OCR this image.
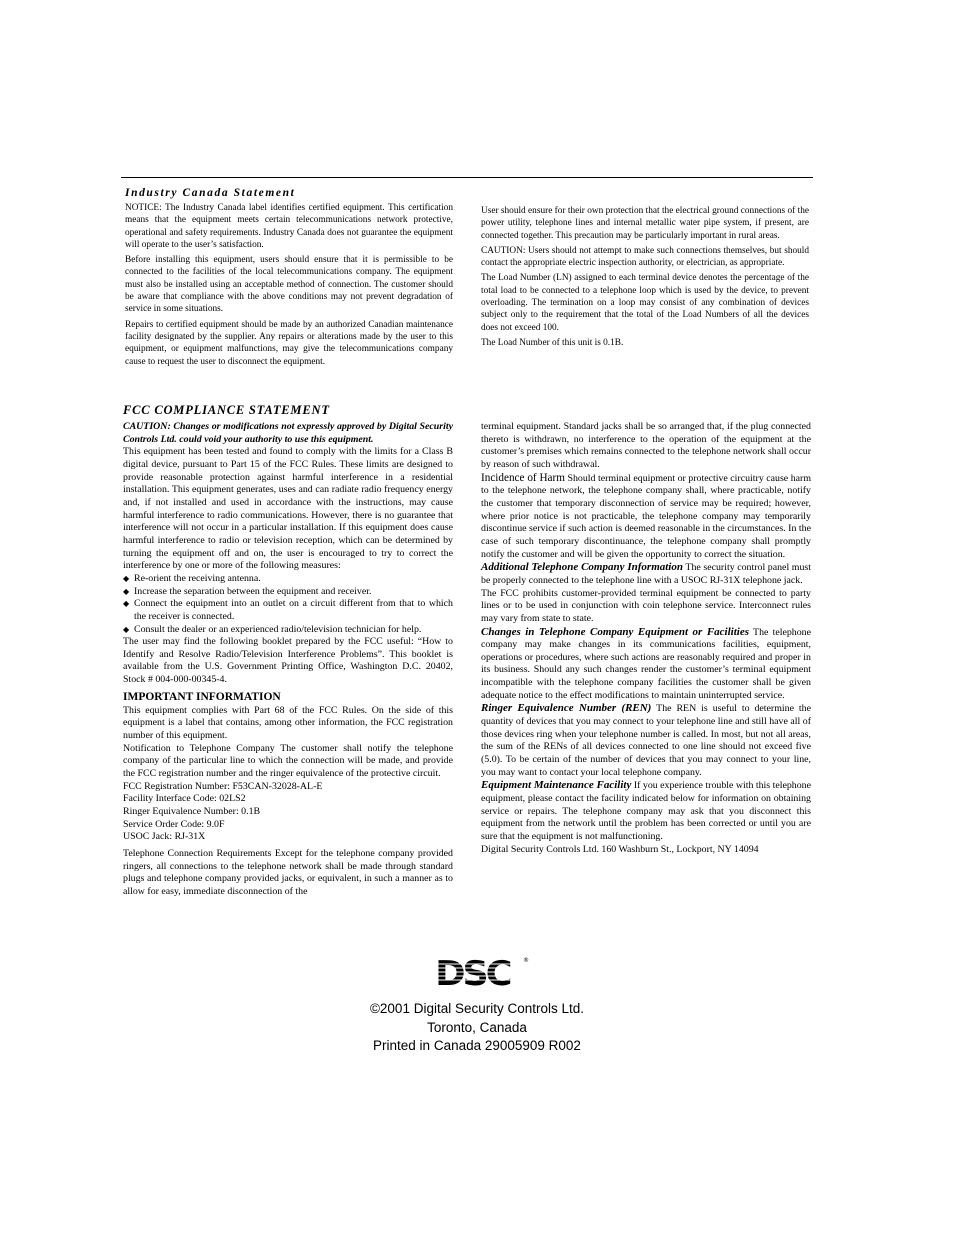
Industry Canada Statement

NOTICE: The Industry Canada label identifies certified equipment. This certification means that the equipment meets certain telecommunications network protective, operational and safety requirements. Industry Canada does not guarantee the equipment will operate to the user’s satisfaction.

Before installing this equipment, users should ensure that it is permissible to be connected to the facilities of the local telecommunications company. The equipment must also be installed using an acceptable method of connection. The customer should be aware that compliance with the above conditions may not prevent degradation of service in some situations.

Repairs to certified equipment should be made by an authorized Canadian maintenance facility designated by the supplier. Any repairs or alterations made by the user to this equipment, or equipment malfunctions, may give the telecommunications company cause to request the user to disconnect the equipment.

User should ensure for their own protection that the electrical ground connections of the power utility, telephone lines and internal metallic water pipe system, if present, are connected together. This precaution may be particularly important in rural areas.

CAUTION: Users should not attempt to make such connections themselves, but should contact the appropriate electric inspection authority, or electrician, as appropriate.

The Load Number (LN) assigned to each terminal device denotes the percentage of the total load to be connected to a telephone loop which is used by the device, to prevent overloading. The termination on a loop may consist of any combination of devices subject only to the requirement that the total of the Load Numbers of all the devices does not exceed 100.

The Load Number of this unit is 0.1B.

FCC COMPLIANCE STATEMENT

CAUTION: Changes or modifications not expressly approved by Digital Security Controls Ltd. could void your authority to use this equipment.

This equipment has been tested and found to comply with the limits for a Class B digital device, pursuant to Part 15 of the FCC Rules. These limits are designed to provide reasonable protection against harmful interference in a residential installation. This equipment generates, uses and can radiate radio frequency energy and, if not installed and used in accordance with the instructions, may cause harmful interference to radio communications. However, there is no guarantee that interference will not occur in a particular installation. If this equipment does cause harmful interference to radio or television reception, which can be determined by turning the equipment off and on, the user is encouraged to try to correct the interference by one or more of the following measures:

◆ Re-orient the receiving antenna.
◆ Increase the separation between the equipment and receiver.
◆ Connect the equipment into an outlet on a circuit different from that to which the receiver is connected.
◆ Consult the dealer or an experienced radio/television technician for help.

The user may find the following booklet prepared by the FCC useful: “How to Identify and Resolve Radio/Television Interference Problems”. This booklet is available from the U.S. Government Printing Office, Washington D.C. 20402, Stock # 004-000-00345-4.

IMPORTANT INFORMATION

This equipment complies with Part 68 of the FCC Rules. On the side of this equipment is a label that contains, among other information, the FCC registration number of this equipment.

Notification to Telephone Company The customer shall notify the telephone company of the particular line to which the connection will be made, and provide the FCC registration number and the ringer equivalence of the protective circuit.

FCC Registration Number: F53CAN-32028-AL-E

Facility Interface Code: 02LS2

Ringer Equivalence Number: 0.1B

Service Order Code: 9.0F

USOC Jack: RJ-31X

Telephone Connection Requirements Except for the telephone company provided ringers, all connections to the telephone network shall be made through standard plugs and telephone company provided jacks, or equivalent, in such a manner as to allow for easy, immediate disconnection of the

terminal equipment. Standard jacks shall be so arranged that, if the plug connected thereto is withdrawn, no interference to the operation of the equipment at the customer’s premises which remains connected to the telephone network shall occur by reason of such withdrawal.

Incidence of Harm Should terminal equipment or protective circuitry cause harm to the telephone network, the telephone company shall, where practicable, notify the customer that temporary disconnection of service may be required; however, where prior notice is not practicable, the telephone company may temporarily discontinue service if such action is deemed reasonable in the circumstances. In the case of such temporary discontinuance, the telephone company shall promptly notify the customer and will be given the opportunity to correct the situation.

Additional Telephone Company Information The security control panel must be properly connected to the telephone line with a USOC RJ-31X telephone jack.

The FCC prohibits customer-provided terminal equipment be connected to party lines or to be used in conjunction with coin telephone service. Interconnect rules may vary from state to state.

Changes in Telephone Company Equipment or Facilities The telephone company may make changes in its communications facilities, equipment, operations or procedures, where such actions are reasonably required and proper in its business. Should any such changes render the customer’s terminal equipment incompatible with the telephone company facilities the customer shall be given adequate notice to the effect modifications to maintain uninterrupted service.

Ringer Equivalence Number (REN) The REN is useful to determine the quantity of devices that you may connect to your telephone line and still have all of those devices ring when your telephone number is called. In most, but not all areas, the sum of the RENs of all devices connected to one line should not exceed five (5.0). To be certain of the number of devices that you may connect to your line, you may want to contact your local telephone company.

Equipment Maintenance Facility If you experience trouble with this telephone equipment, please contact the facility indicated below for information on obtaining service or repairs. The telephone company may ask that you disconnect this equipment from the network until the problem has been corrected or until you are sure that the equipment is not malfunctioning.

Digital Security Controls Ltd. 160 Washburn St., Lockport, NY 14094

DSC ®
©2001 Digital Security Controls Ltd.
Toronto, Canada
Printed in Canada 29005909 R002
